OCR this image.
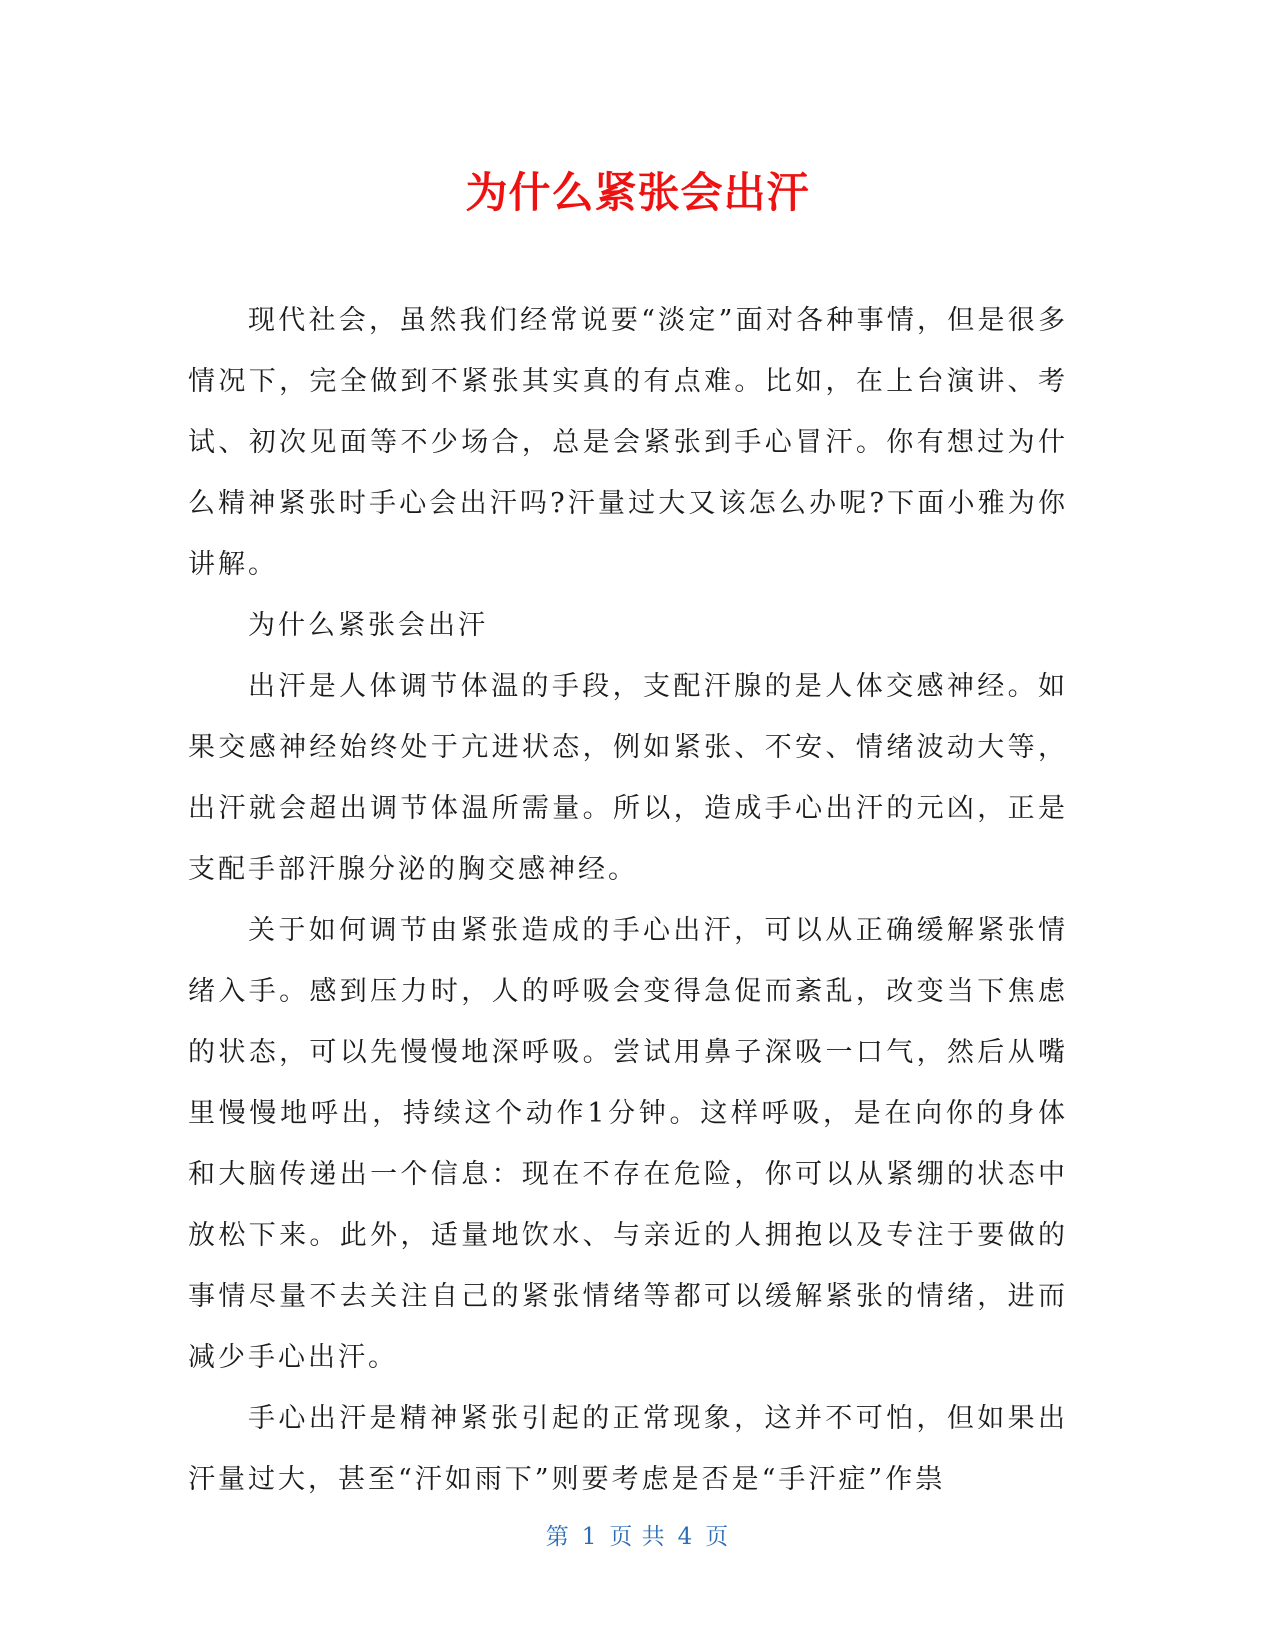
为什么紧张会出汗

现代社会，虽然我们经常说要“淡定”面对各种事情，但是很多情况下，完全做到不紧张其实真的有点难。比如，在上台演讲、考试、初次见面等不少场合，总是会紧张到手心冒汗。你有想过为什么精神紧张时手心会出汗吗?汗量过大又该怎么办呢?下面小雅为你讲解。

为什么紧张会出汗

出汗是人体调节体温的手段，支配汗腺的是人体交感神经。如果交感神经始终处于亢进状态，例如紧张、不安、情绪波动大等，出汗就会超出调节体温所需量。所以，造成手心出汗的元凶，正是支配手部汗腺分泌的胸交感神经。

关于如何调节由紧张造成的手心出汗，可以从正确缓解紧张情绪入手。感到压力时，人的呼吸会变得急促而紊乱，改变当下焦虑的状态，可以先慢慢地深呼吸。尝试用鼻子深吸一口气，然后从嘴里慢慢地呼出，持续这个动作1分钟。这样呼吸，是在向你的身体和大脑传递出一个信息：现在不存在危险，你可以从紧绷的状态中放松下来。此外，适量地饮水、与亲近的人拥抱以及专注于要做的事情尽量不去关注自己的紧张情绪等都可以缓解紧张的情绪，进而减少手心出汗。

手心出汗是精神紧张引起的正常现象，这并不可怕，但如果出汗量过大，甚至“汗如雨下”则要考虑是否是“手汗症”作祟

第 1 页 共 4 页
